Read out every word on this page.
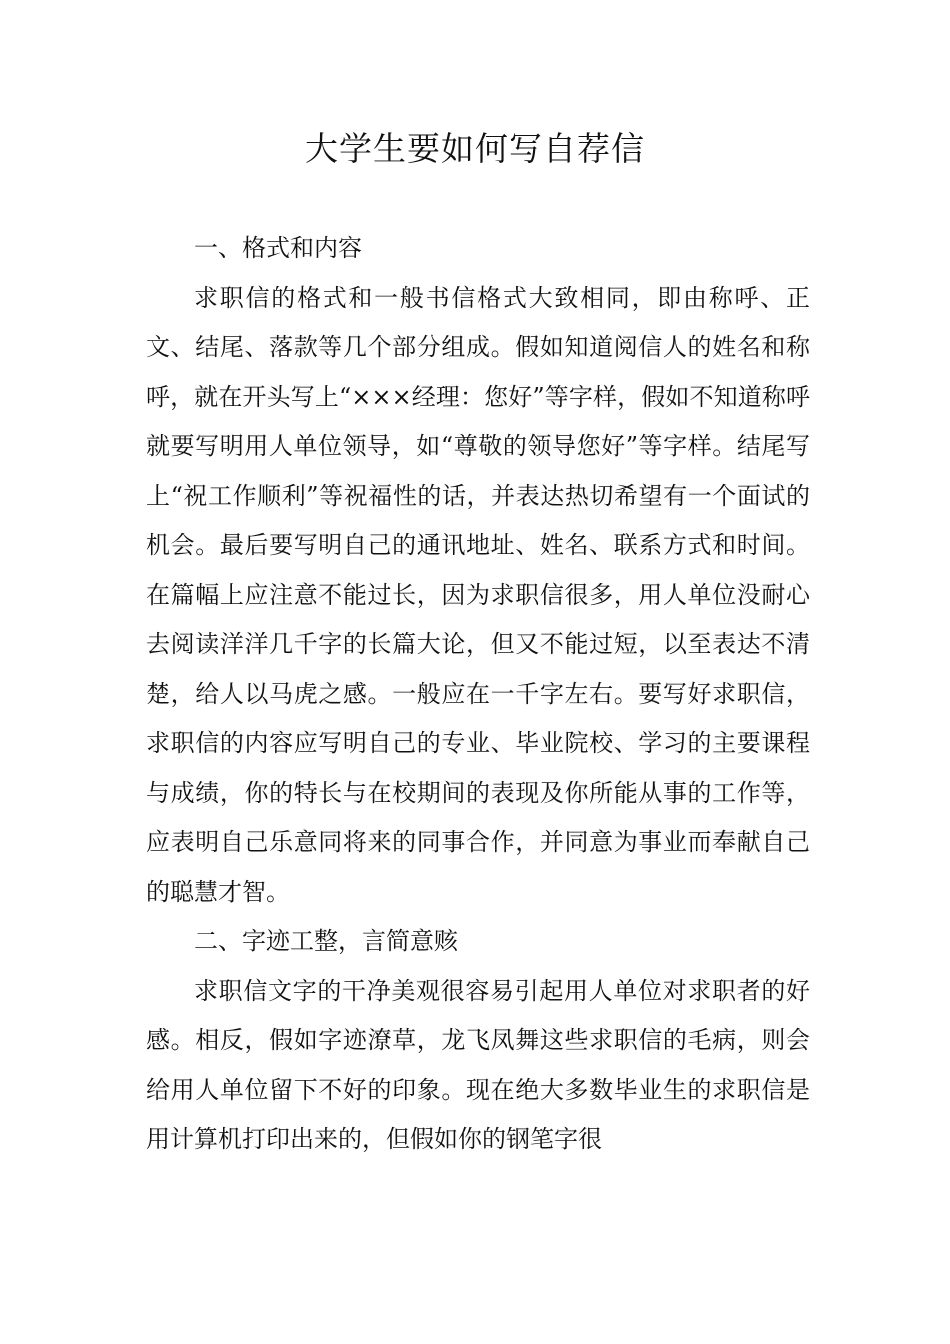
大学生要如何写自荐信

一、格式和内容

求职信的格式和一般书信格式大致相同，即由称呼、正文、结尾、落款等几个部分组成。假如知道阅信人的姓名和称呼，就在开头写上“×××经理：您好”等字样，假如不知道称呼就要写明用人单位领导，如“尊敬的领导您好”等字样。结尾写上“祝工作顺利”等祝福性的话，并表达热切希望有一个面试的机会。最后要写明自己的通讯地址、姓名、联系方式和时间。在篇幅上应注意不能过长，因为求职信很多，用人单位没耐心去阅读洋洋几千字的长篇大论，但又不能过短，以至表达不清楚，给人以马虎之感。一般应在一千字左右。要写好求职信，求职信的内容应写明自己的专业、毕业院校、学习的主要课程与成绩，你的特长与在校期间的表现及你所能从事的工作等，应表明自己乐意同将来的同事合作，并同意为事业而奉献自己的聪慧才智。

二、字迹工整，言简意赅

求职信文字的干净美观很容易引起用人单位对求职者的好感。相反，假如字迹潦草，龙飞凤舞这些求职信的毛病，则会给用人单位留下不好的印象。现在绝大多数毕业生的求职信是用计算机打印出来的，但假如你的钢笔字很
